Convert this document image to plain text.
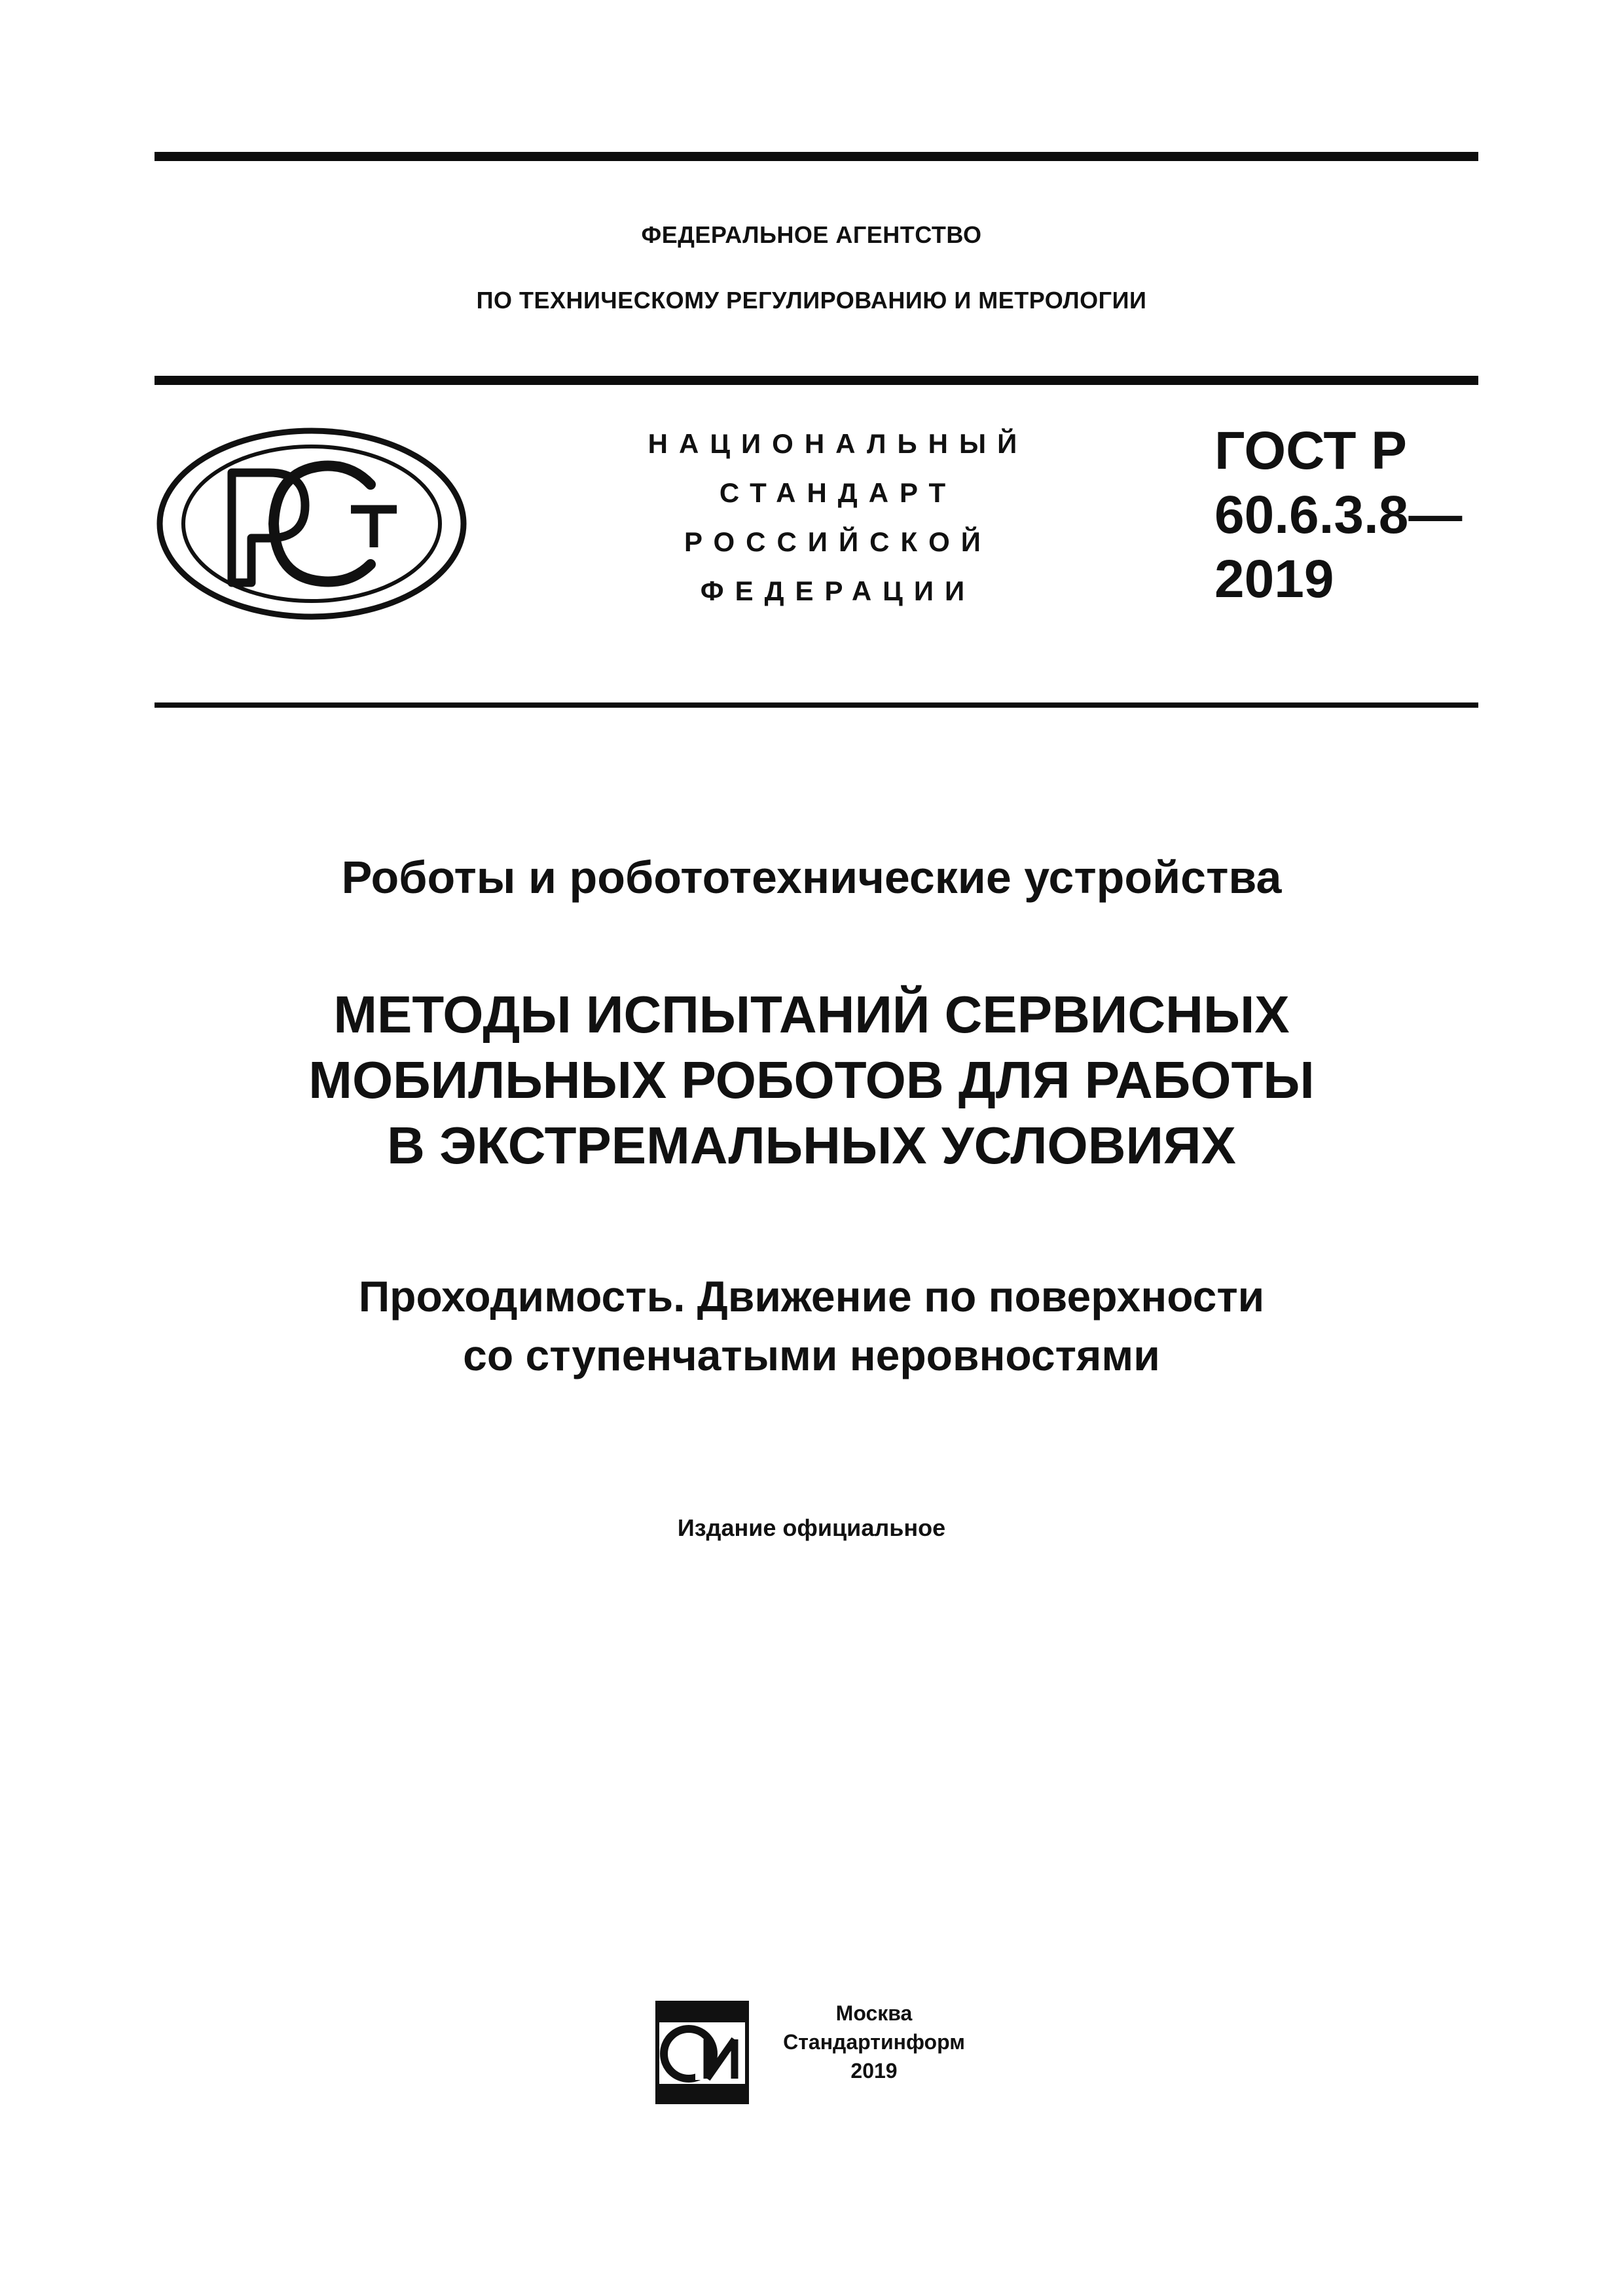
ФЕДЕРАЛЬНОЕ АГЕНТСТВО
ПО ТЕХНИЧЕСКОМУ РЕГУЛИРОВАНИЮ И МЕТРОЛОГИИ
НАЦИОНАЛЬНЫЙ
СТАНДАРТ
РОССИЙСКОЙ
ФЕДЕРАЦИИ
ГОСТ Р
60.6.3.8—
2019
Роботы и робототехнические устройства
МЕТОДЫ ИСПЫТАНИЙ СЕРВИСНЫХ
МОБИЛЬНЫХ РОБОТОВ ДЛЯ РАБОТЫ
В ЭКСТРЕМАЛЬНЫХ УСЛОВИЯХ
Проходимость. Движение по поверхности
со ступенчатыми неровностями
Издание официальное
Москва
Стандартинформ
2019
